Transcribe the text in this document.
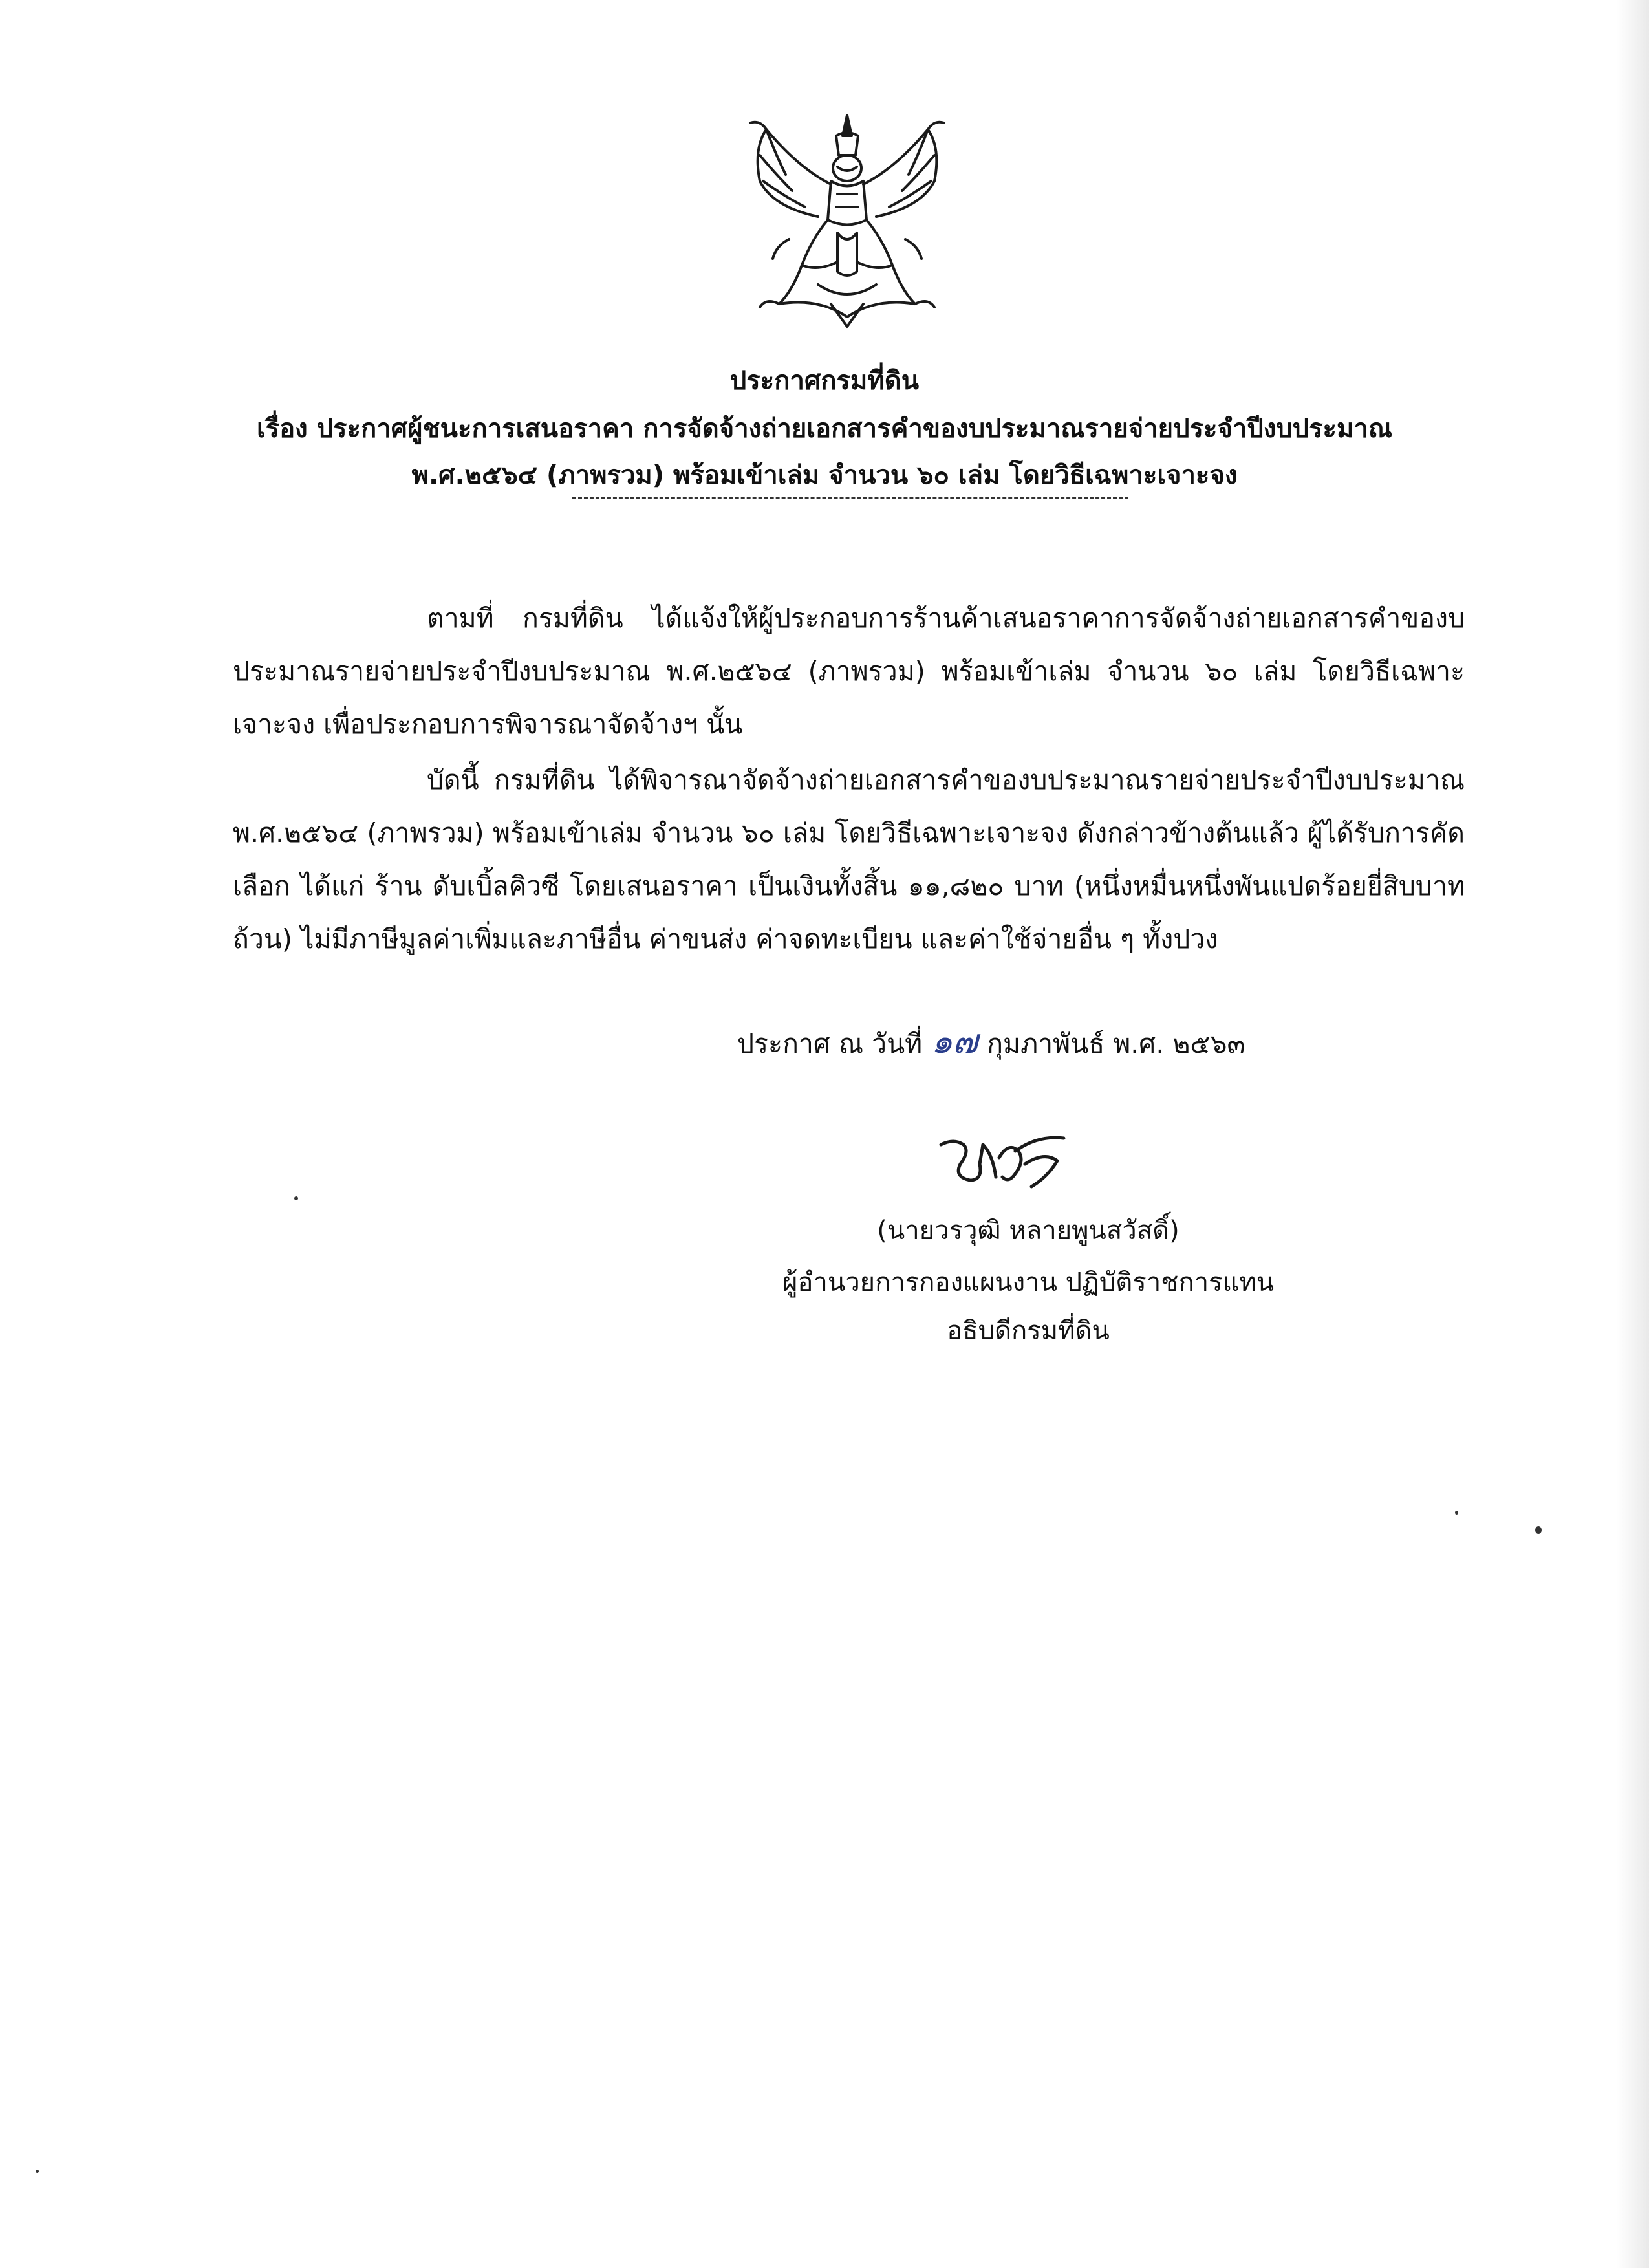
ประกาศกรมที่ดิน
เรื่อง ประกาศผู้ชนะการเสนอราคา การจัดจ้างถ่ายเอกสารคำของบประมาณรายจ่ายประจำปีงบประมาณ
พ.ศ.๒๕๖๔ (ภาพรวม) พร้อมเข้าเล่ม จำนวน ๖๐ เล่ม โดยวิธีเฉพาะเจาะจง

ตามที่ กรมที่ดิน ได้แจ้งให้ผู้ประกอบการร้านค้าเสนอราคาการจัดจ้างถ่ายเอกสารคำของบประมาณรายจ่ายประจำปีงบประมาณ พ.ศ.๒๕๖๔ (ภาพรวม) พร้อมเข้าเล่ม จำนวน ๖๐ เล่ม โดยวิธีเฉพาะเจาะจง เพื่อประกอบการพิจารณาจัดจ้างฯ นั้น

บัดนี้ กรมที่ดิน ได้พิจารณาจัดจ้างถ่ายเอกสารคำของบประมาณรายจ่ายประจำปีงบประมาณ พ.ศ.๒๕๖๔ (ภาพรวม) พร้อมเข้าเล่ม จำนวน ๖๐ เล่ม โดยวิธีเฉพาะเจาะจง ดังกล่าวข้างต้นแล้ว ผู้ได้รับการคัดเลือก ได้แก่ ร้าน ดับเบิ้ลคิวซี โดยเสนอราคา เป็นเงินทั้งสิ้น ๑๑,๘๒๐ บาท (หนึ่งหมื่นหนึ่งพันแปดร้อยยี่สิบบาทถ้วน) ไม่มีภาษีมูลค่าเพิ่มและภาษีอื่น ค่าขนส่ง ค่าจดทะเบียน และค่าใช้จ่ายอื่น ๆ ทั้งปวง

ประกาศ ณ วันที่ ๑๗ กุมภาพันธ์ พ.ศ. ๒๕๖๓
(นายวรวุฒิ หลายพูนสวัสดิ์)
ผู้อำนวยการกองแผนงาน ปฏิบัติราชการแทน
อธิบดีกรมที่ดิน
